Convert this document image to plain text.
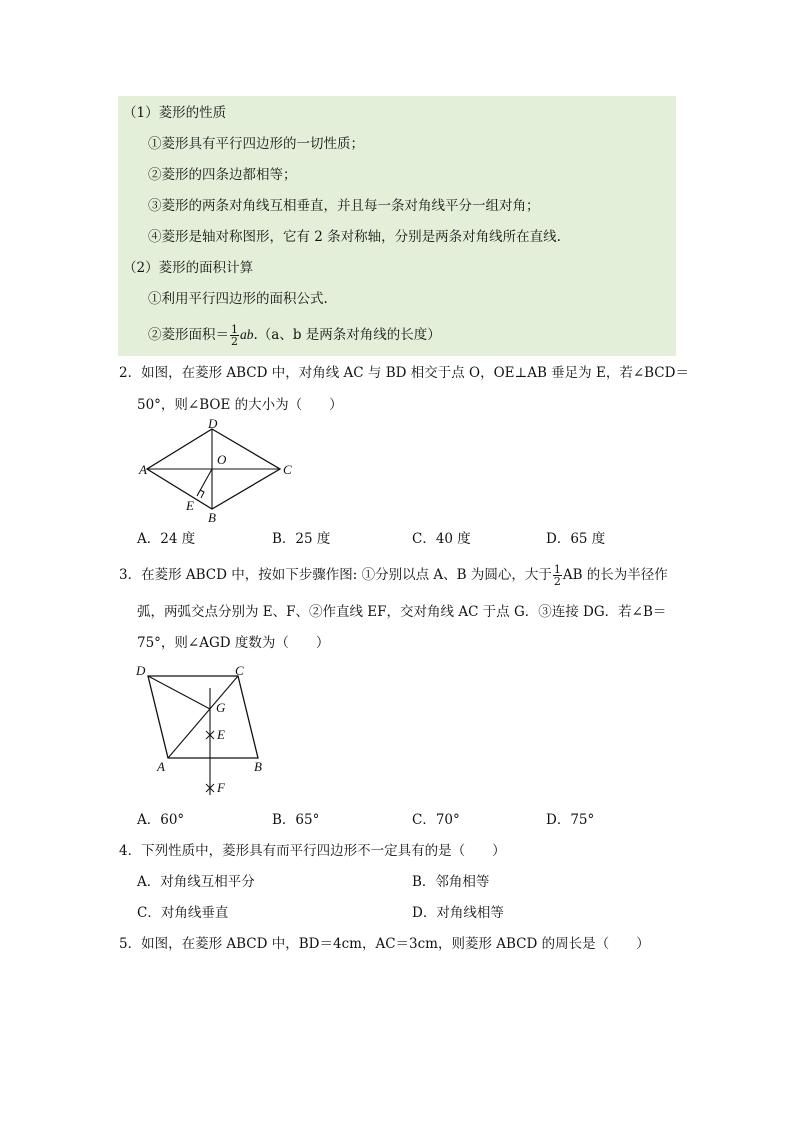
（1）菱形的性质
①菱形具有平行四边形的一切性质；
②菱形的四条边都相等；
③菱形的两条对角线互相垂直，并且每一条对角线平分一组对角；
④菱形是轴对称图形，它有 2 条对称轴，分别是两条对角线所在直线.
（2）菱形的面积计算
①利用平行四边形的面积公式.
②菱形面积＝ $\frac{1}{2} ab.(a$、b 是两条对角线的长度）
2．如图，在菱形 ABCD 中，对角线 AC 与 BD 相交于点 O，OE⊥AB 垂足为 E，若∠BCD＝
50°，则∠BOE 的大小为（　　）
D
A	C
O
E
B
A．24 度	B．25 度	C．40 度	D．65 度
3．在菱形 ABCD 中，按如下步骤作图: ①分别以点 A、B 为圆心，大于 $\frac{1}{2}$ AB 的长为半径作
弧，两弧交点分别为 E、F、②作直线 EF，交对角线 AC 于点 G．③连接 DG．若∠B＝
75°，则∠AGD 度数为（　　）
D	C
G
E
A	B
F
A．60°	B．65°	C．70°	D．75°
4．下列性质中，菱形具有而平行四边形不一定具有的是（　　）
A．对角线互相平分	B．邻角相等
C．对角线垂直	D．对角线相等
5．如图，在菱形 ABCD 中，BD＝4cm，AC＝3cm，则菱形 ABCD 的周长是（　　）
